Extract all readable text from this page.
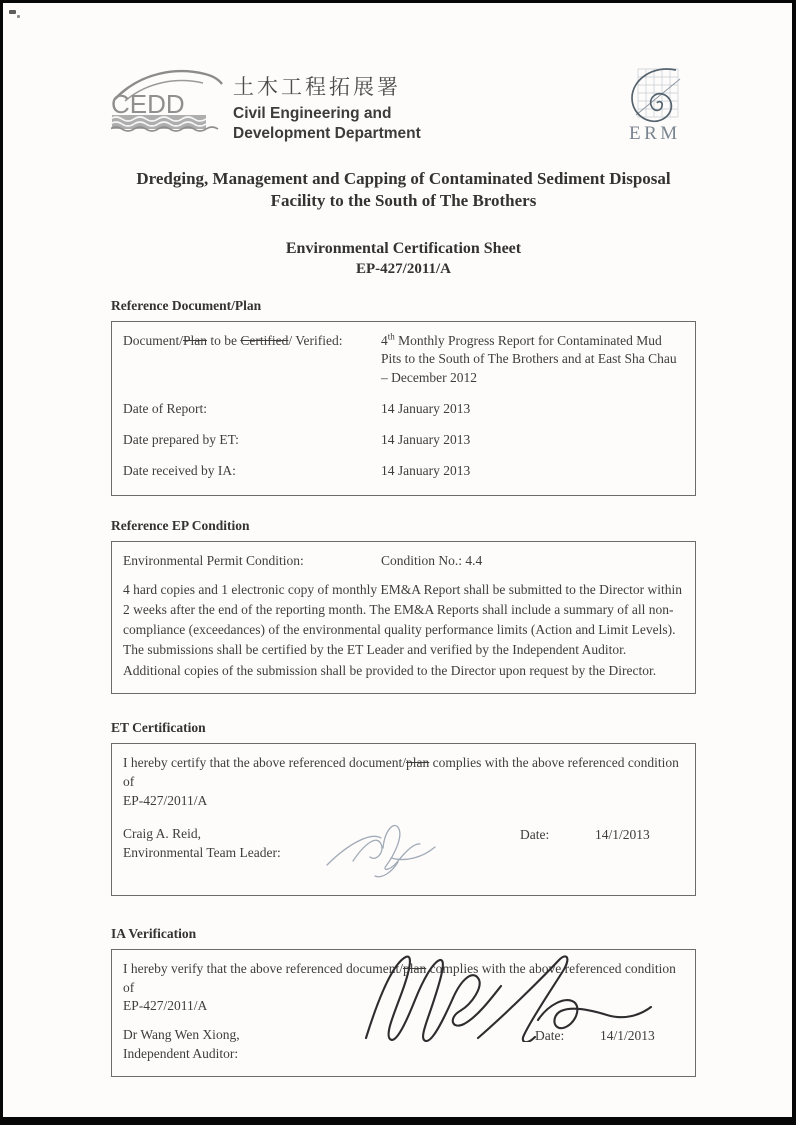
CEDD
土木工程拓展署
Civil Engineering and
Development Department	ERM
Dredging, Management and Capping of Contaminated Sediment Disposal
Facility to the South of The Brothers
Environmental Certification Sheet
EP-427/2011/A
Reference Document/Plan
Document/Plan to be Certified/ Verified:	4th Monthly Progress Report for Contaminated Mud Pits to the South of The Brothers and at East Sha Chau – December 2012
Date of Report:	14 January 2013
Date prepared by ET:	14 January 2013
Date received by IA:	14 January 2013
Reference EP Condition
Environmental Permit Condition:	Condition No.: 4.4
4 hard copies and 1 electronic copy of monthly EM&A Report shall be submitted to the Director within 2 weeks after the end of the reporting month. The EM&A Reports shall include a summary of all non-compliance (exceedances) of the environmental quality performance limits (Action and Limit Levels). The submissions shall be certified by the ET Leader and verified by the Independent Auditor. Additional copies of the submission shall be provided to the Director upon request by the Director.
ET Certification
I hereby certify that the above referenced document/plan complies with the above referenced condition of
EP-427/2011/A
Craig A. Reid,
Environmental Team Leader:
Date:	14/1/2013
IA Verification
I hereby verify that the above referenced document/plan complies with the above referenced condition of
EP-427/2011/A
Dr Wang Wen Xiong,
Independent Auditor:
Date:	14/1/2013
